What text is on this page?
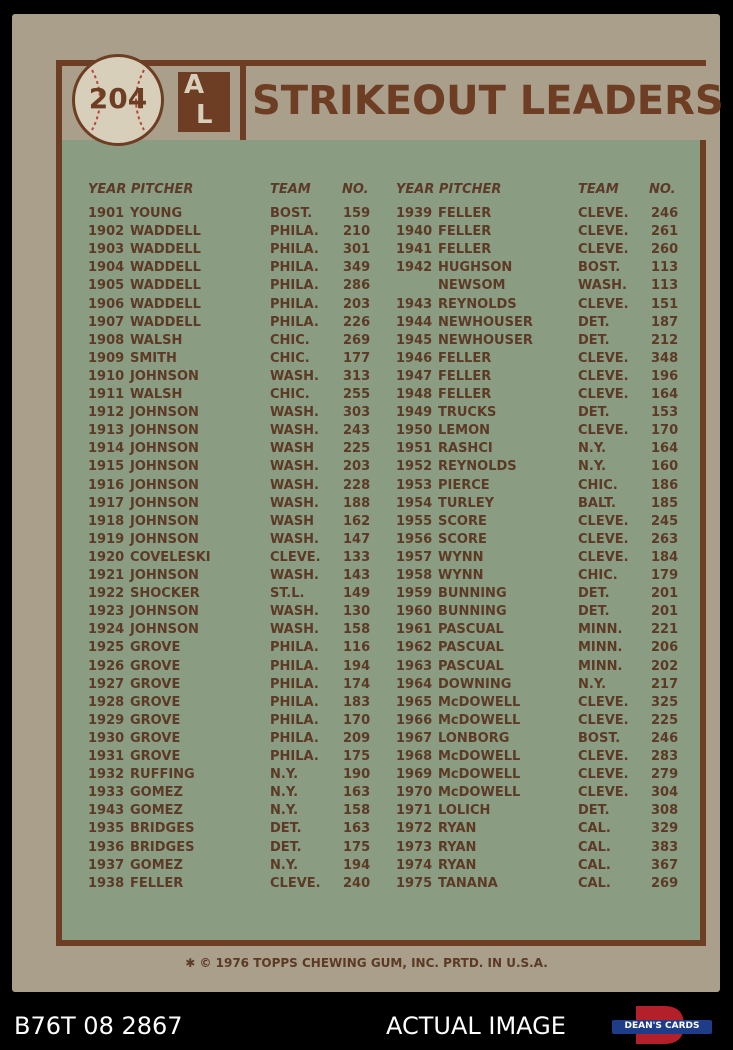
STRIKEOUT LEADERS
204	A
L
YEAR PITCHER	TEAM NO. YEAR PITCHER	TEAM NO.
1901 YOUNG	BOST. 159
1902 WADDELL	PHILA. 210
1903 WADDELL	PHILA. 301
1904 WADDELL	PHILA. 349
1905 WADDELL	PHILA. 286
1906 WADDELL	PHILA. 203
1907 WADDELL	PHILA. 226
1908 WALSH	CHIC.	269
1909 SMITH	CHIC.	177
1910 JOHNSON	WASH. 313
1911 WALSH	CHIC.	255
1912 JOHNSON	WASH. 303
1913 JOHNSON	WASH. 243
1914 JOHNSON	WASH 225
1915 JOHNSON	WASH. 203
1916 JOHNSON	WASH. 228
1917 JOHNSON	WASH. 188
1918 JOHNSON	WASH 162
1919 JOHNSON	WASH. 147
1920 COVELESKI	CLEVE. 133
1921 JOHNSON	WASH. 143
1922 SHOCKER	ST.L.	149
1923 JOHNSON	WASH. 130
1924 JOHNSON	WASH. 158
1925 GROVE	PHILA. 116
1926 GROVE	PHILA. 194
1927 GROVE	PHILA. 174
1928 GROVE	PHILA. 183
1929 GROVE	PHILA. 170
1930 GROVE	PHILA. 209
1931 GROVE	PHILA. 175
1932 RUFFING	N.Y.	190
1933 GOMEZ	N.Y.	163
1943 GOMEZ	N.Y.	158
1935 BRIDGES	DET.	163
1936 BRIDGES	DET.	175
1937 GOMEZ	N.Y.	194
1938 FELLER	CLEVE. 240
1939 FELLER	CLEVE. 246
1940 FELLER	CLEVE. 261
1941 FELLER	CLEVE. 260
1942 HUGHSON	BOST. 113
NEWSOM	WASH. 113
1943 REYNOLDS	CLEVE. 151
1944 NEWHOUSER	DET.	187
1945 NEWHOUSER	DET.	212
1946 FELLER	CLEVE. 348
1947 FELLER	CLEVE. 196
1948 FELLER	CLEVE. 164
1949 TRUCKS	DET.	153
1950 LEMON	CLEVE. 170
1951 RASHCI	N.Y.	164
1952 REYNOLDS	N.Y.	160
1953 PIERCE	CHIC.	186
1954 TURLEY	BALT.	185
1955 SCORE	CLEVE. 245
1956 SCORE	CLEVE. 263
1957 WYNN	CLEVE. 184
1958 WYNN	CHIC.	179
1959 BUNNING	DET.	201
1960 BUNNING	DET.	201
1961 PASCUAL	MINN. 221
1962 PASCUAL	MINN. 206
1963 PASCUAL	MINN. 202
1964 DOWNING	N.Y.	217
1965 McDOWELL	CLEVE. 325
1966 McDOWELL	CLEVE. 225
1967 LONBORG	BOST. 246
1968 McDOWELL	CLEVE. 283
1969 McDOWELL	CLEVE. 279
1970 McDOWELL	CLEVE. 304
1971 LOLICH	DET.	308
1972 RYAN	CAL.	329
1973 RYAN	CAL.	383
1974 RYAN	CAL.	367
1975 TANANA	CAL.	269
✱ © 1976 TOPPS CHEWING GUM, INC. PRTD. IN U.S.A.
B76T 08 2867	ACTUAL IMAGE	DEAN'S CARDS
